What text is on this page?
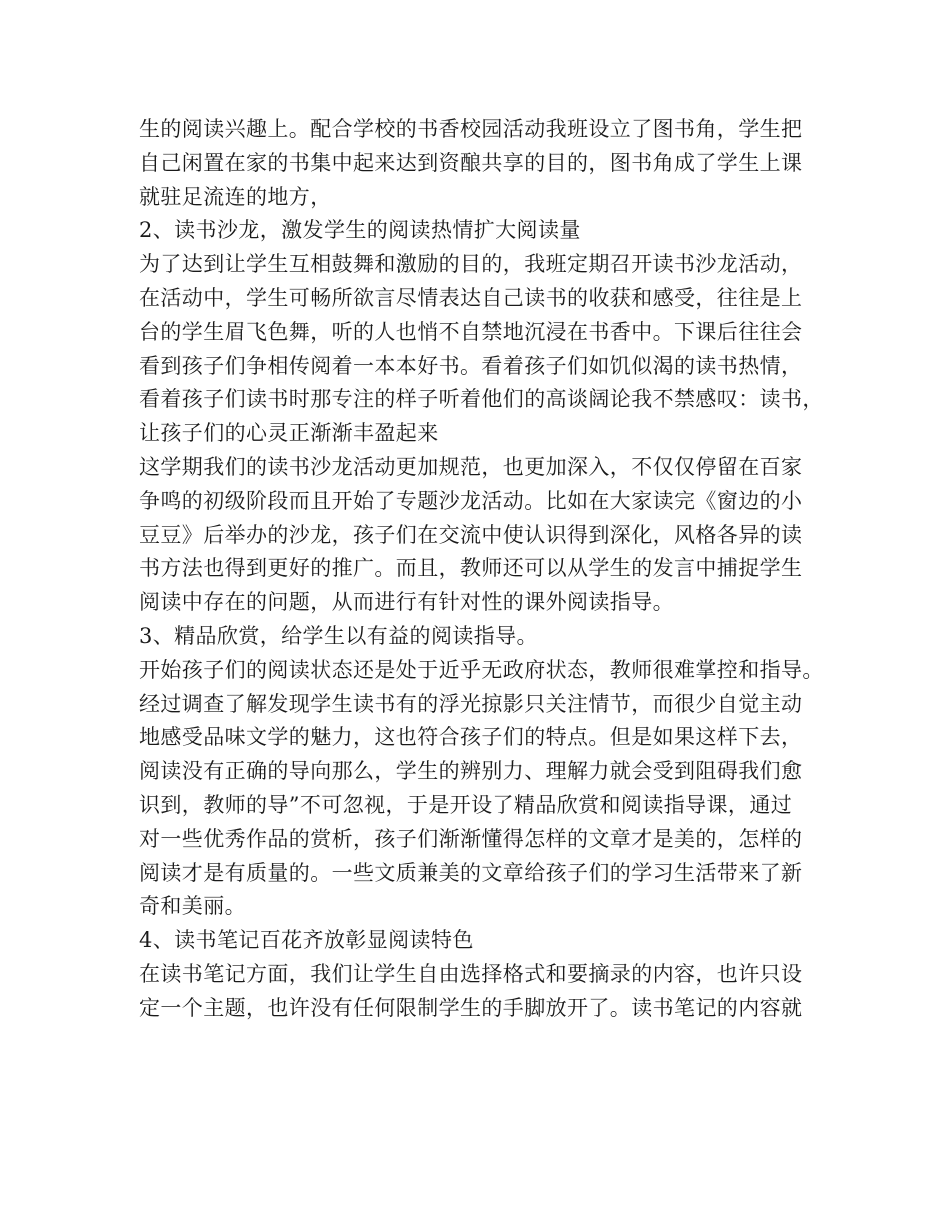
生的阅读兴趣上。配合学校的书香校园活动我班设立了图书角，学生把
自己闲置在家的书集中起来达到资酿共享的目的，图书角成了学生上课
就驻足流连的地方，
2、读书沙龙，激发学生的阅读热情扩大阅读量
为了达到让学生互相鼓舞和激励的目的，我班定期召开读书沙龙活动，
在活动中，学生可畅所欲言尽情表达自己读书的收获和感受，往往是上
台的学生眉飞色舞，听的人也悄不自禁地沉浸在书香中。下课后往往会
看到孩子们争相传阅着一本本好书。看着孩子们如饥似渴的读书热情，
看着孩子们读书时那专注的样子听着他们的高谈阔论我不禁感叹：读书，
让孩子们的心灵正渐渐丰盈起来
这学期我们的读书沙龙活动更加规范，也更加深入，不仅仅停留在百家
争鸣的初级阶段而且开始了专题沙龙活动。比如在大家读完《窗边的小
豆豆》后举办的沙龙，孩子们在交流中使认识得到深化，风格各异的读
书方法也得到更好的推广。而且，教师还可以从学生的发言中捕捉学生
阅读中存在的问题，从而进行有针对性的课外阅读指导。
3、精品欣赏，给学生以有益的阅读指导。
开始孩子们的阅读状态还是处于近乎无政府状态，教师很难掌控和指导。
经过调查了解发现学生读书有的浮光掠影只关注情节，而很少自觉主动
地感受品味文学的魅力，这也符合孩子们的特点。但是如果这样下去，
阅读没有正确的导向那么，学生的辨别力、理解力就会受到阻碍我们愈
识到，教师的导”不可忽视，于是开设了精品欣赏和阅读指导课，通过
对一些优秀作品的赏析，孩子们渐渐懂得怎样的文章才是美的，怎样的
阅读才是有质量的。一些文质兼美的文章给孩子们的学习生活带来了新
奇和美丽。
4、读书笔记百花齐放彰显阅读特色
在读书笔记方面，我们让学生自由选择格式和要摘录的内容，也许只设
定一个主题，也许没有任何限制学生的手脚放开了。读书笔记的内容就
